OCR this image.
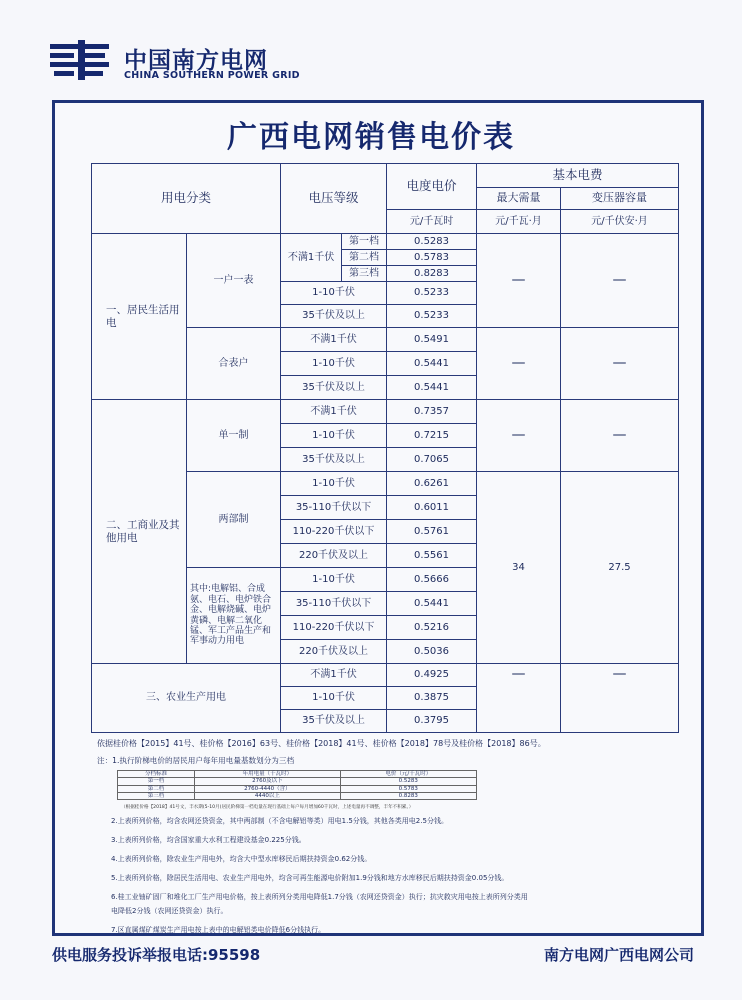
中国南方电网
CHINA SOUTHERN POWER GRID
广西电网销售电价表
用电分类		电压等级		电度电价	基本电费	
					最大需量	变压器容量
				元/千瓦时	元/千瓦·月	元/千伏安·月
一、居民生活用电	一户一表	不满1千伏	第一档	0.5283	—	—
			第二档	0.5783		
			第三档	0.8283		
		1-10千伏		0.5233		
		35千伏及以上		0.5233		
	合表户	不满1千伏		0.5491	—	—
		1-10千伏		0.5441		
		35千伏及以上		0.5441		
二、工商业及其他用电	单一制	不满1千伏		0.7357	—	—
		1-10千伏		0.7215		
		35千伏及以上		0.7065		
	两部制	1-10千伏		0.6261	34	27.5
		35-110千伏以下		0.6011		
		110-220千伏以下		0.5761		
		220千伏及以上		0.5561		
	其中:电解铝、合成氨、电石、电炉铁合金、电解烧碱、电炉黄磷、电解二氧化锰、军工产品生产和军事动力用电	1-10千伏		0.5666		
		35-110千伏以下		0.5441		
		110-220千伏以下		0.5216		
		220千伏及以上		0.5036		
三、农业生产用电		不满1千伏		0.4925	—	—
		1-10千伏		0.3875		
		35千伏及以上		0.3795		
依据桂价格【2015】41号、桂价格【2016】63号、桂价格【2018】41号、桂价格【2018】78号及桂价格【2018】86号。
注：1.执行阶梯电价的居民用户每年用电量基数划分为三档
分档标准	年用电量（千瓦时）	电价（元/千瓦时）
第一档	2760及以下	0.5283
第二档	2760-4440（含）	0.5783
第三档	4440以上	0.8283
（根据桂价格【2018】41号文，丰水期(5-10月)居民阶梯第一档电量在现行基础上每户每月增加60千瓦时，上述电量再不调整，丰年不积累。）
2.上表所列价格，均含农网还贷资金，其中两部制（不含电解铝等类）用电1.5分钱，其他各类用电2.5分钱。
3.上表所列价格，均含国家重大水利工程建设基金0.225分钱。
4.上表所列价格，除农业生产用电外，均含大中型水库移民后期扶持资金0.62分钱。
5.上表所列价格，除居民生活用电、农业生产用电外，均含可再生能源电价附加1.9分钱和地方水库移民后期扶持资金0.05分钱。
6.桂工业铀矿固厂和堆化工厂生产用电价格，按上表所列分类用电降低1.7分钱（农网还贷资金）执行；抗灾救灾用电按上表所列分类用
电降低2分钱（农网还贷资金）执行。
7.区直属煤矿煤炭生产用电按上表中的电解铝类电价降低6分钱执行。
供电服务投诉举报电话:95598	南方电网广西电网公司
